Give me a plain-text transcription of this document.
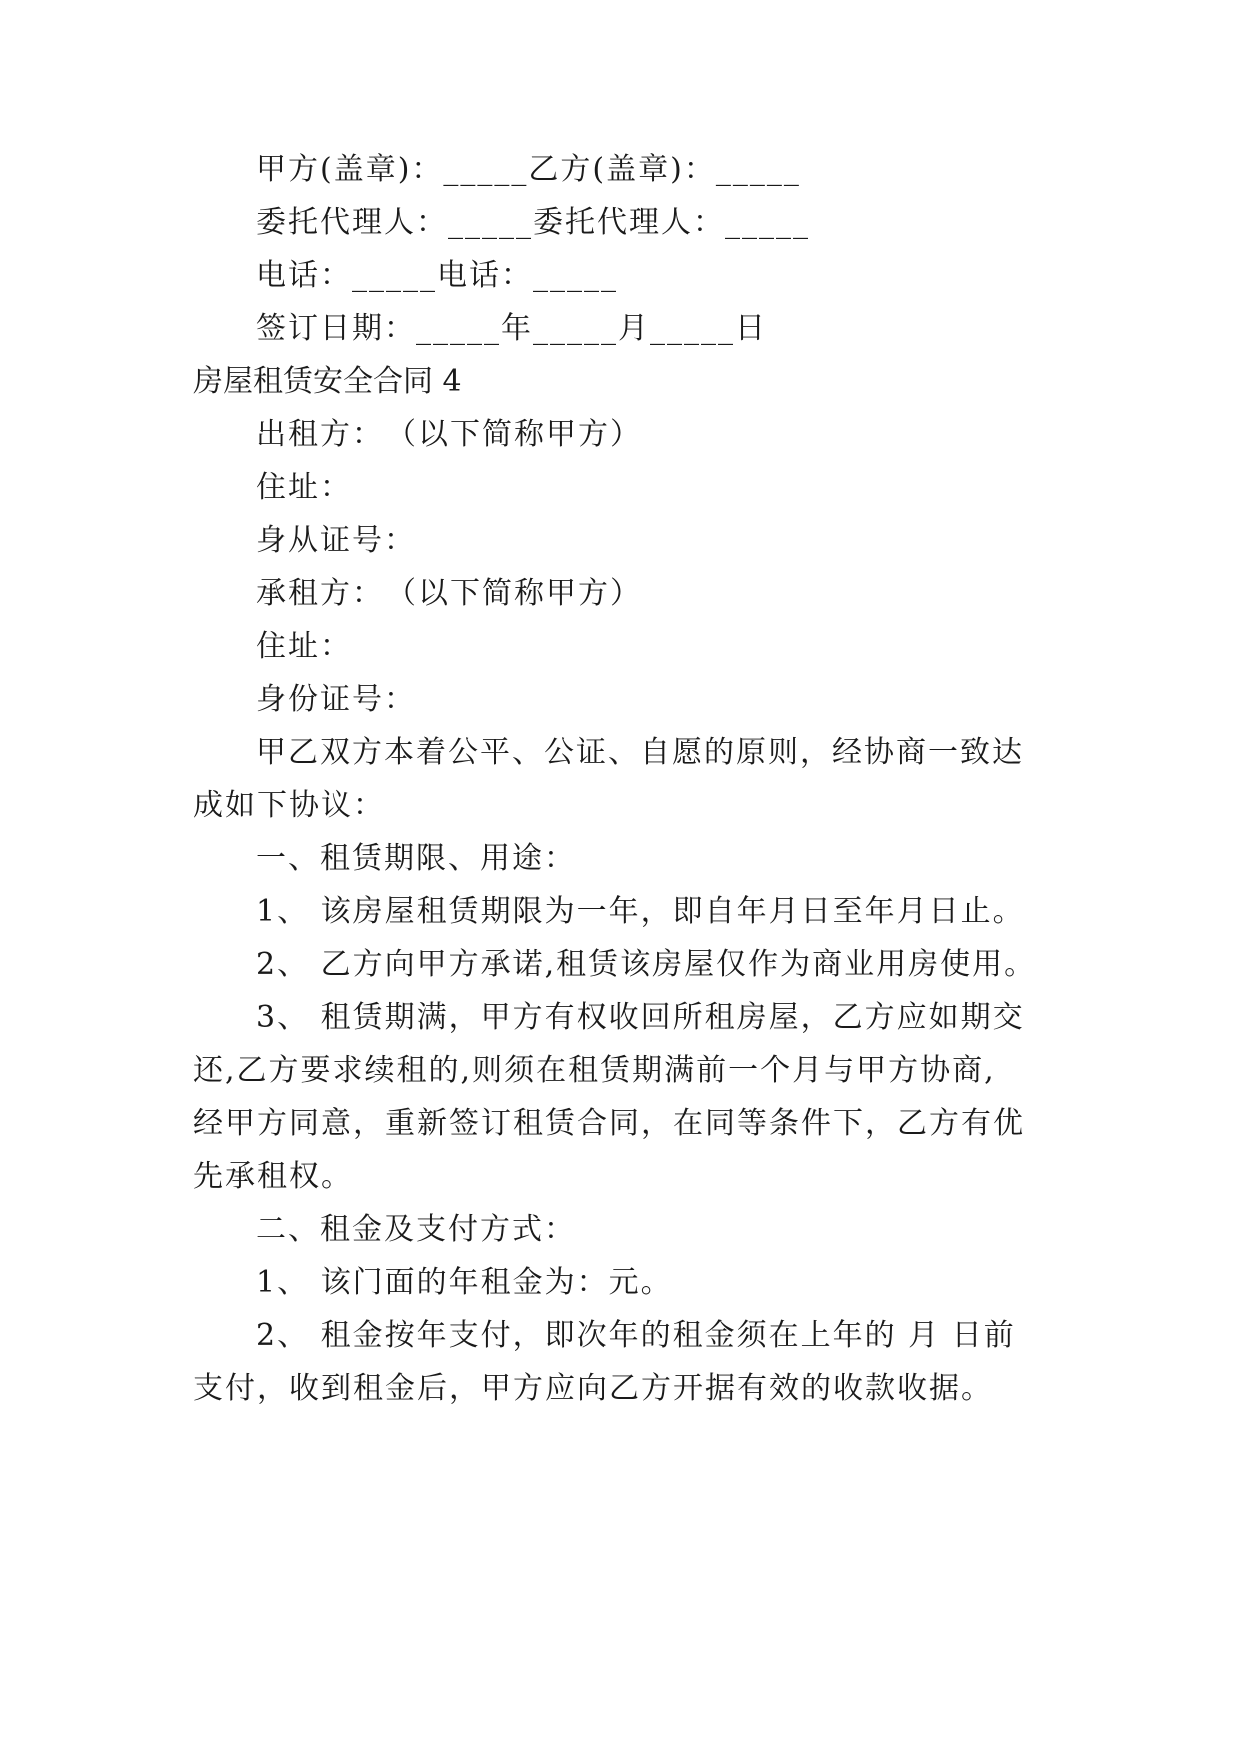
甲方(盖章)：_____乙方(盖章)：_____
委托代理人：_____委托代理人：_____
电话：_____电话：_____
签订日期：_____年_____月_____日
房屋租赁安全合同 4
出租方：　（以下简称甲方）
住址：
身从证号：
承租方：　（以下简称甲方）
住址：
身份证号：
甲乙双方本着公平、公证、自愿的原则，经协商一致达
成如下协议：
一、租赁期限、用途：
1、 该房屋租赁期限为一年，即自年月日至年月日止。
2、 乙方向甲方承诺,租赁该房屋仅作为商业用房使用。
3、 租赁期满，甲方有权收回所租房屋，乙方应如期交
还,乙方要求续租的,则须在租赁期满前一个月与甲方协商,
经甲方同意，重新签订租赁合同，在同等条件下，乙方有优
先承租权。
二、租金及支付方式：
1、 该门面的年租金为：元。
2、 租金按年支付，即次年的租金须在上年的 月 日前
支付，收到租金后，甲方应向乙方开据有效的收款收据。
